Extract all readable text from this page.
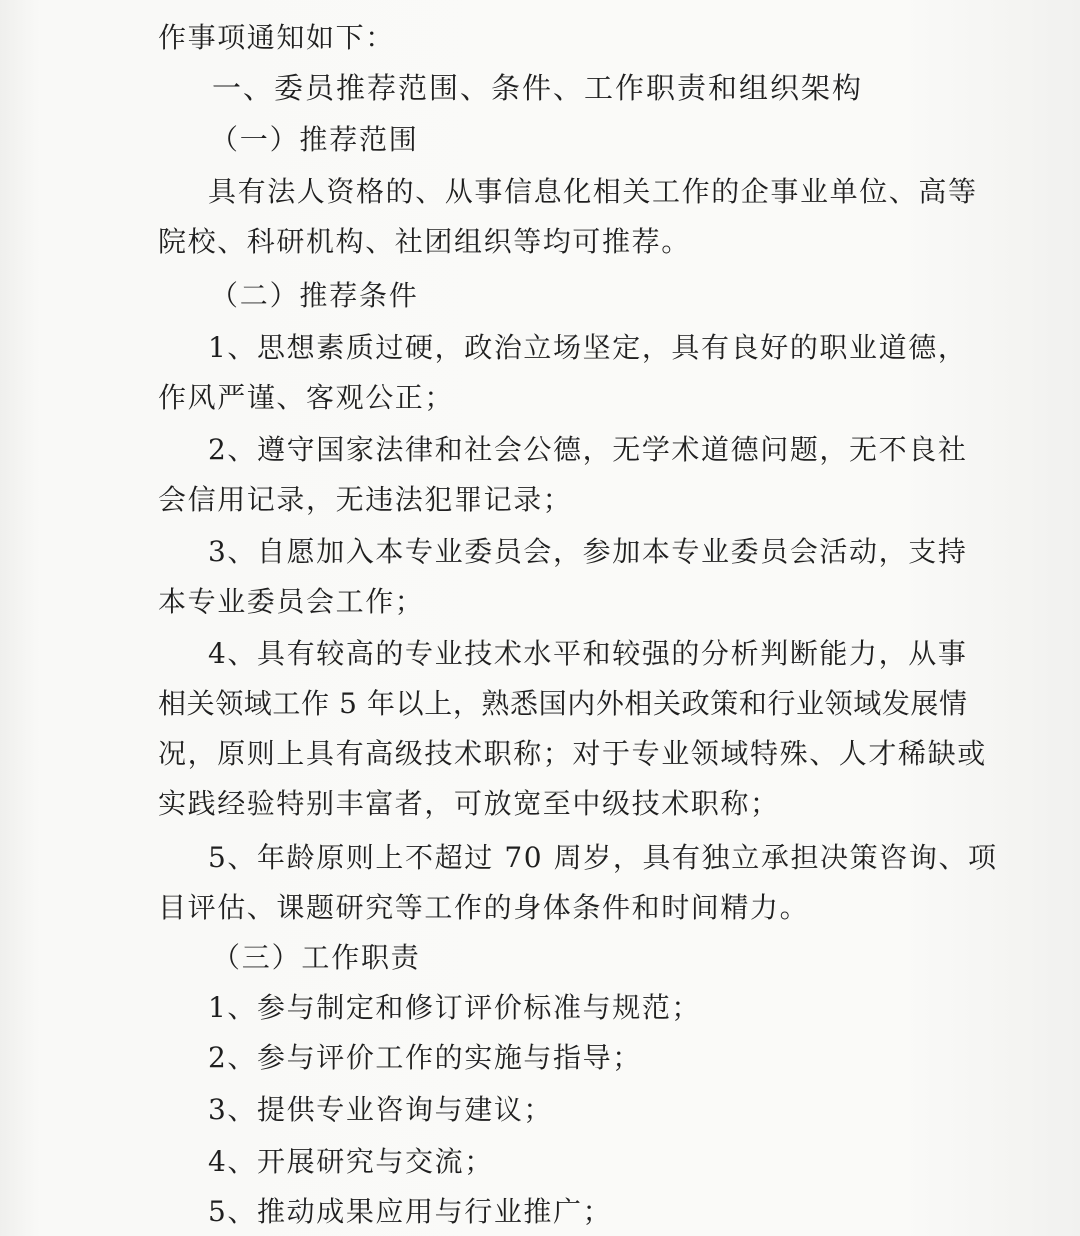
作事项通知如下：
一、委员推荐范围、条件、工作职责和组织架构
（一）推荐范围
具有法人资格的、从事信息化相关工作的企事业单位、高等
院校、科研机构、社团组织等均可推荐。
（二）推荐条件
1、思想素质过硬，政治立场坚定，具有良好的职业道德，
作风严谨、客观公正；
2、遵守国家法律和社会公德，无学术道德问题，无不良社
会信用记录，无违法犯罪记录；
3、自愿加入本专业委员会，参加本专业委员会活动，支持
本专业委员会工作；
4、具有较高的专业技术水平和较强的分析判断能力，从事
相关领域工作 5 年以上，熟悉国内外相关政策和行业领域发展情
况，原则上具有高级技术职称；对于专业领域特殊、人才稀缺或
实践经验特别丰富者，可放宽至中级技术职称；
5、年龄原则上不超过 70 周岁，具有独立承担决策咨询、项
目评估、课题研究等工作的身体条件和时间精力。
（三）工作职责
1、参与制定和修订评价标准与规范；
2、参与评价工作的实施与指导；
3、提供专业咨询与建议；
4、开展研究与交流；
5、推动成果应用与行业推广；
